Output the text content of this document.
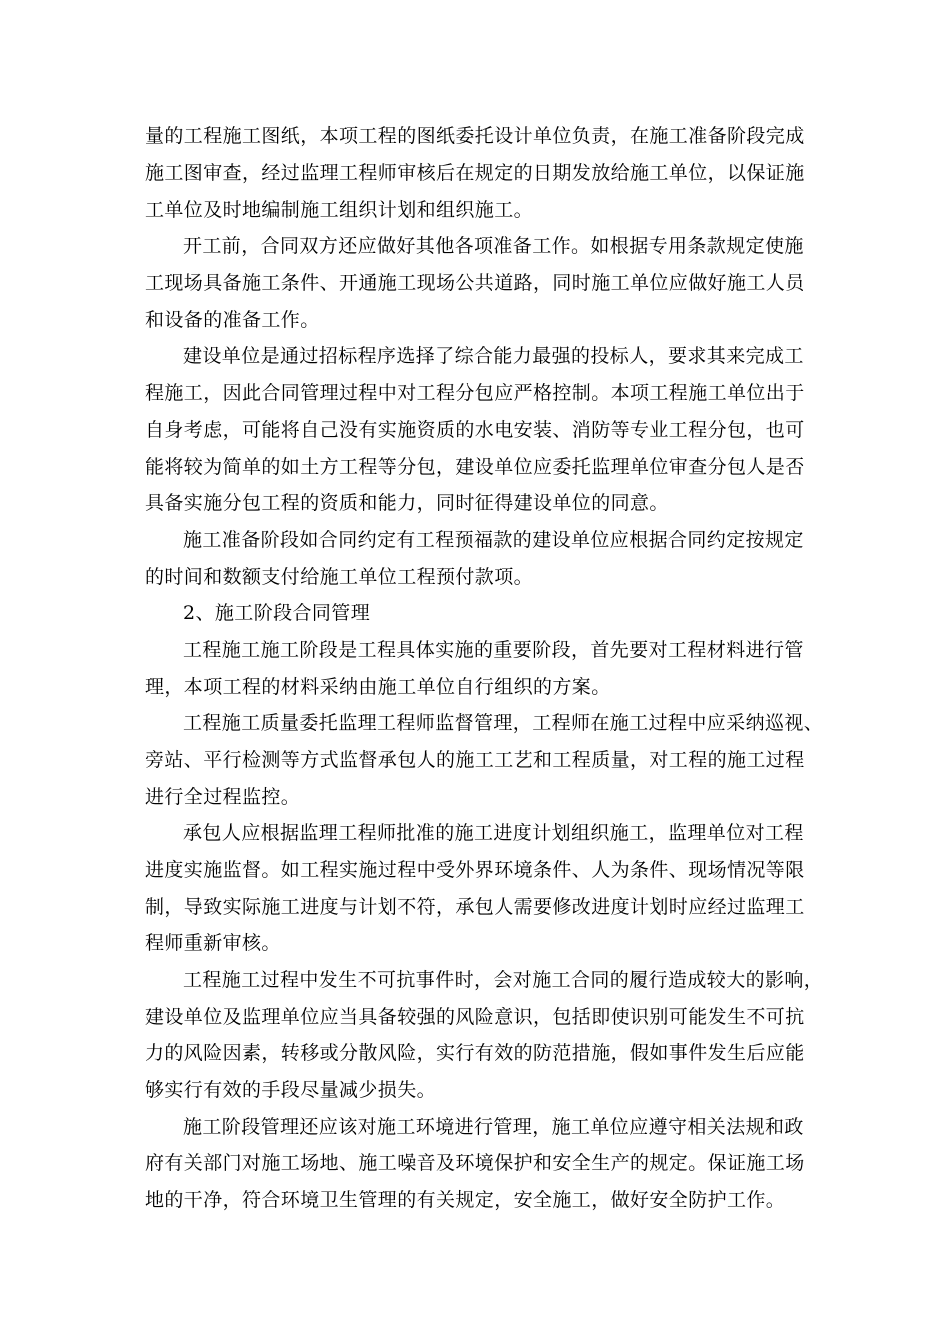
量的工程施工图纸，本项工程的图纸委托设计单位负责，在施工准备阶段完成
施工图审查，经过监理工程师审核后在规定的日期发放给施工单位，以保证施
工单位及时地编制施工组织计划和组织施工。
开工前，合同双方还应做好其他各项准备工作。如根据专用条款规定使施
工现场具备施工条件、开通施工现场公共道路，同时施工单位应做好施工人员
和设备的准备工作。
建设单位是通过招标程序选择了综合能力最强的投标人，要求其来完成工
程施工，因此合同管理过程中对工程分包应严格控制。本项工程施工单位出于
自身考虑，可能将自己没有实施资质的水电安装、消防等专业工程分包，也可
能将较为简单的如土方工程等分包，建设单位应委托监理单位审查分包人是否
具备实施分包工程的资质和能力，同时征得建设单位的同意。
施工准备阶段如合同约定有工程预福款的建设单位应根据合同约定按规定
的时间和数额支付给施工单位工程预付款项。
2、施工阶段合同管理
工程施工施工阶段是工程具体实施的重要阶段，首先要对工程材料进行管
理，本项工程的材料采纳由施工单位自行组织的方案。
工程施工质量委托监理工程师监督管理，工程师在施工过程中应采纳巡视、
旁站、平行检测等方式监督承包人的施工工艺和工程质量，对工程的施工过程
进行全过程监控。
承包人应根据监理工程师批准的施工进度计划组织施工，监理单位对工程
进度实施监督。如工程实施过程中受外界环境条件、人为条件、现场情况等限
制，导致实际施工进度与计划不符，承包人需要修改进度计划时应经过监理工
程师重新审核。
工程施工过程中发生不可抗事件时，会对施工合同的履行造成较大的影响，
建设单位及监理单位应当具备较强的风险意识，包括即使识别可能发生不可抗
力的风险因素，转移或分散风险，实行有效的防范措施，假如事件发生后应能
够实行有效的手段尽量减少损失。
施工阶段管理还应该对施工环境进行管理，施工单位应遵守相关法规和政
府有关部门对施工场地、施工噪音及环境保护和安全生产的规定。保证施工场
地的干净，符合环境卫生管理的有关规定，安全施工，做好安全防护工作。
